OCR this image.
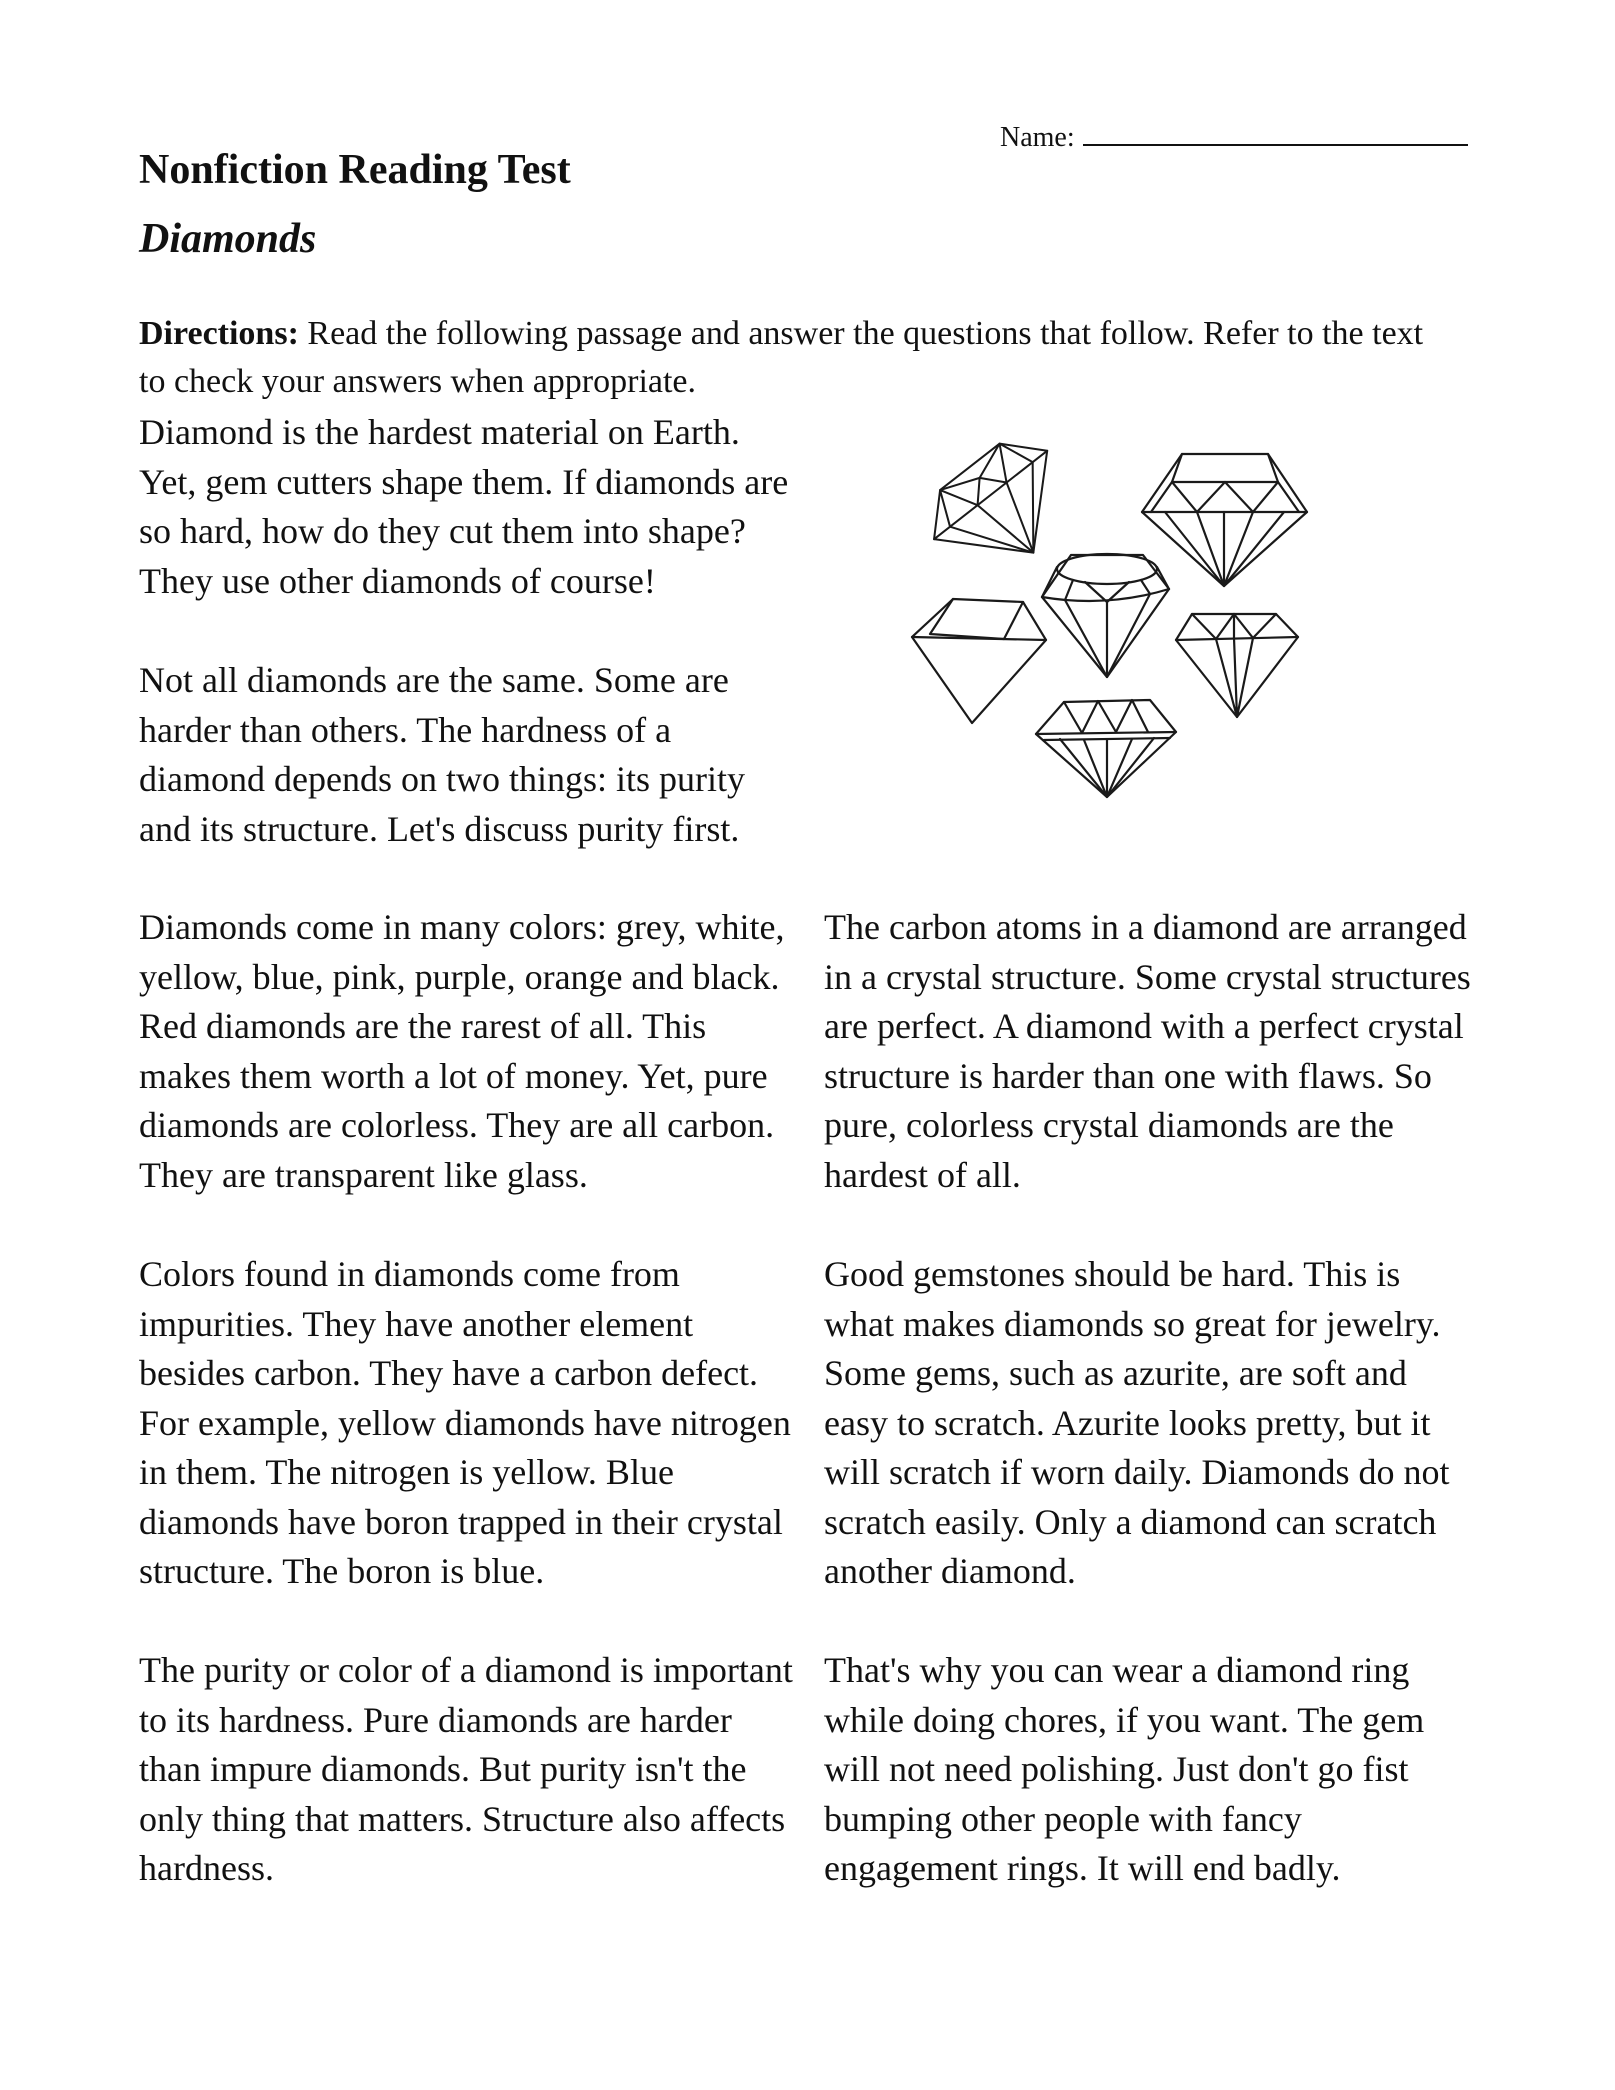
Name:
Nonfiction Reading Test
Diamonds

Directions: Read the following passage and answer the questions that follow. Refer to the text to check your answers when appropriate.

Diamond is the hardest material on Earth. Yet, gem cutters shape them. If diamonds are so hard, how do they cut them into shape? They use other diamonds of course!

Not all diamonds are the same. Some are harder than others. The hardness of a diamond depends on two things: its purity and its structure. Let's discuss purity first.

Diamonds come in many colors: grey, white, yellow, blue, pink, purple, orange and black. Red diamonds are the rarest of all. This makes them worth a lot of money. Yet, pure diamonds are colorless. They are all carbon. They are transparent like glass.

Colors found in diamonds come from impurities. They have another element besides carbon. They have a carbon defect. For example, yellow diamonds have nitrogen in them. The nitrogen is yellow. Blue diamonds have boron trapped in their crystal structure. The boron is blue.

The purity or color of a diamond is important to its hardness. Pure diamonds are harder than impure diamonds. But purity isn't the only thing that matters. Structure also affects hardness.

The carbon atoms in a diamond are arranged in a crystal structure. Some crystal structures are perfect. A diamond with a perfect crystal structure is harder than one with flaws. So pure, colorless crystal diamonds are the hardest of all.

Good gemstones should be hard. This is what makes diamonds so great for jewelry. Some gems, such as azurite, are soft and easy to scratch. Azurite looks pretty, but it will scratch if worn daily. Diamonds do not scratch easily. Only a diamond can scratch another diamond.

That's why you can wear a diamond ring while doing chores, if you want. The gem will not need polishing. Just don't go fist bumping other people with fancy engagement rings. It will end badly.
